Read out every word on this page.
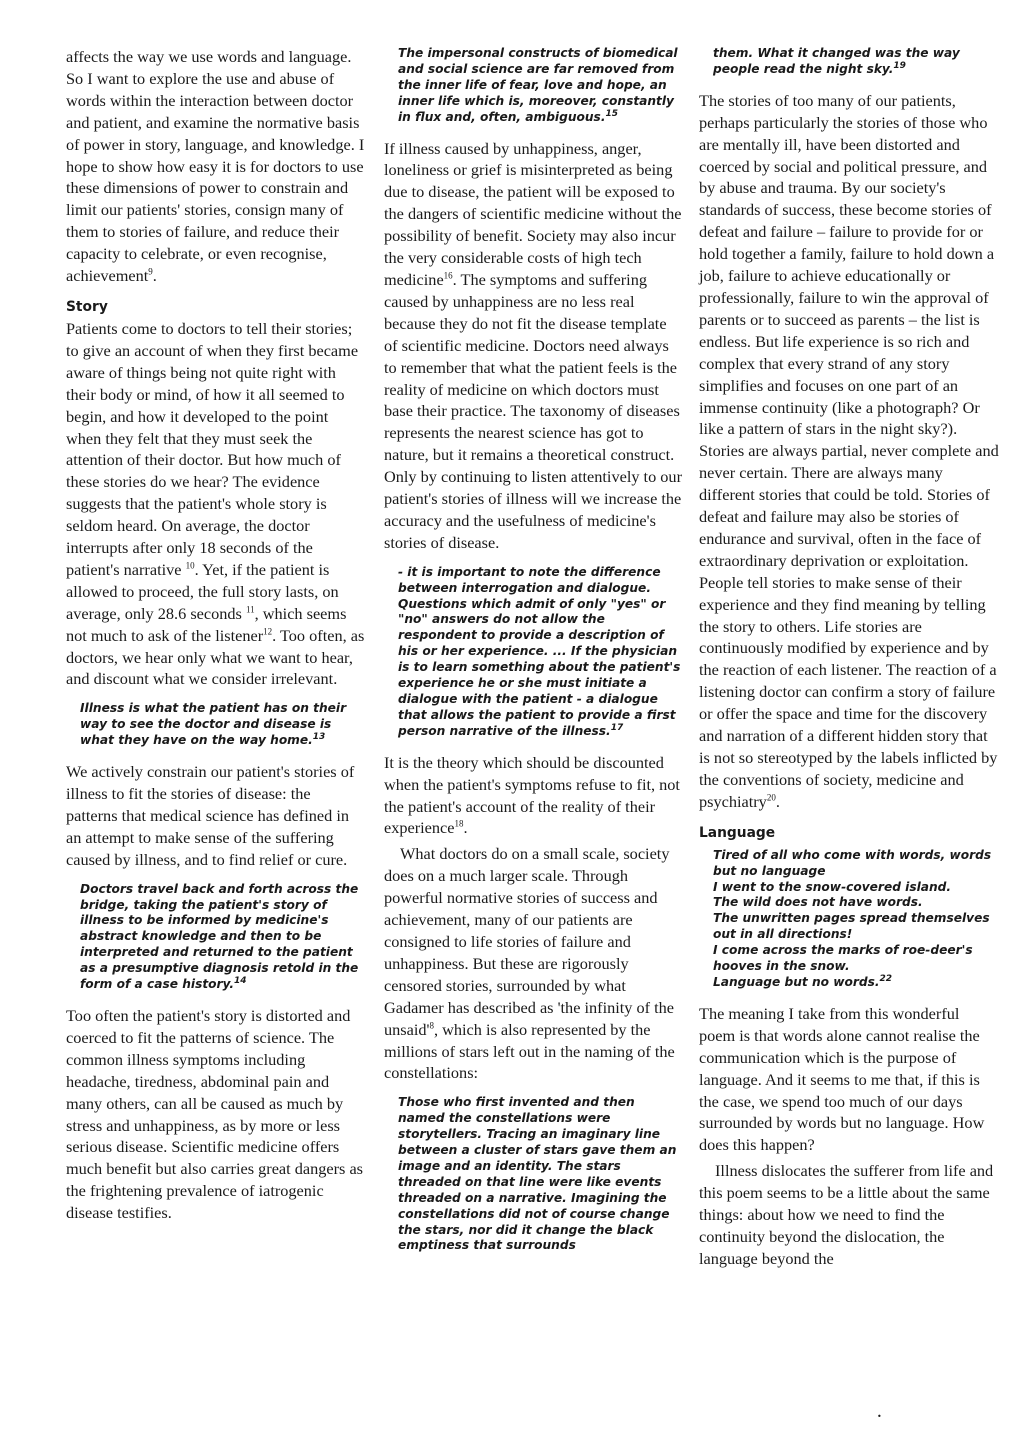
affects the way we use words and language. So I want to explore the use and abuse of words within the interaction between doctor and patient, and examine the normative basis of power in story, language, and knowledge. I hope to show how easy it is for doctors to use these dimensions of power to constrain and limit our patients' stories, consign many of them to stories of failure, and reduce their capacity to celebrate, or even recognise, achievement$^9$.

Story

Patients come to doctors to tell their stories; to give an account of when they first became aware of things being not quite right with their body or mind, of how it all seemed to begin, and how it developed to the point when they felt that they must seek the attention of their doctor. But how much of these stories do we hear? The evidence suggests that the patient's whole story is seldom heard. On average, the doctor interrupts after only 18 seconds of the patient's narrative $^{10}$. Yet, if the patient is allowed to proceed, the full story lasts, on average, only 28.6 seconds $^{11}$, which seems not much to ask of the listener$^{12}$. Too often, as doctors, we hear only what we want to hear, and discount what we consider irrelevant.

Illness is what the patient has on their way to see the doctor and disease is what they have on the way home.$^{13}$

We actively constrain our patient's stories of illness to fit the stories of disease: the patterns that medical science has defined in an attempt to make sense of the suffering caused by illness, and to find relief or cure.

Doctors travel back and forth across the bridge, taking the patient's story of illness to be informed by medicine's abstract knowledge and then to be interpreted and returned to the patient as a presumptive diagnosis retold in the form of a case history.$^{14}$

Too often the patient's story is distorted and coerced to fit the patterns of science. The common illness symptoms including headache, tiredness, abdominal pain and many others, can all be caused as much by stress and unhappiness, as by more or less serious disease. Scientific medicine offers much benefit but also carries great dangers as the frightening prevalence of iatrogenic disease testifies.

The impersonal constructs of biomedical and social science are far removed from the inner life of fear, love and hope, an inner life which is, moreover, constantly in flux and, often, ambiguous.$^{15}$

If illness caused by unhappiness, anger, loneliness or grief is misinterpreted as being due to disease, the patient will be exposed to the dangers of scientific medicine without the possibility of benefit. Society may also incur the very considerable costs of high tech medicine$^{16}$. The symptoms and suffering caused by unhappiness are no less real because they do not fit the disease template of scientific medicine. Doctors need always to remember that what the patient feels is the reality of medicine on which doctors must base their practice. The taxonomy of diseases represents the nearest science has got to nature, but it remains a theoretical construct. Only by continuing to listen attentively to our patient's stories of illness will we increase the accuracy and the usefulness of medicine's stories of disease.

- it is important to note the difference between interrogation and dialogue. Questions which admit of only "yes" or "no" answers do not allow the respondent to provide a description of his or her experience. ... If the physician is to learn something about the patient's experience he or she must initiate a dialogue with the patient - a dialogue that allows the patient to provide a first person narrative of the illness.$^{17}$

It is the theory which should be discounted when the patient's symptoms refuse to fit, not the patient's account of the reality of their experience$^{18}$.

What doctors do on a small scale, society does on a much larger scale. Through powerful normative stories of success and achievement, many of our patients are consigned to life stories of failure and unhappiness. But these are rigorously censored stories, surrounded by what Gadamer has described as 'the infinity of the $unsaid'^8$, which is also represented by the millions of stars left out in the naming of the constellations:

Those who first invented and then named the constellations were storytellers. Tracing an imaginary line between a cluster of stars gave them an image and an identity. The stars threaded on that line were like events threaded on a narrative. Imagining the constellations did not of course change the stars, nor did it change the black emptiness that surrounds
them. What it changed was the way people read the night sky.$^{19}$

The stories of too many of our patients, perhaps particularly the stories of those who are mentally ill, have been distorted and coerced by social and political pressure, and by abuse and trauma. By our society's standards of success, these become stories of defeat and failure – failure to provide for or hold together a family, failure to hold down a job, failure to achieve educationally or professionally, failure to win the approval of parents or to succeed as parents – the list is endless. But life experience is so rich and complex that every strand of any story simplifies and focuses on one part of an immense continuity (like a photograph? Or like a pattern of stars in the night sky?). Stories are always partial, never complete and never certain. There are always many different stories that could be told. Stories of defeat and failure may also be stories of endurance and survival, often in the face of extraordinary deprivation or exploitation. People tell stories to make sense of their experience and they find meaning by telling the story to others. Life stories are continuously modified by experience and by the reaction of each listener. The reaction of a listening doctor can confirm a story of failure or offer the space and time for the discovery and narration of a different hidden story that is not so stereotyped by the labels inflicted by the conventions of society, medicine and psychiatry$^{20}$.

Language
Tired of all who come with words, words but no language
I went to the snow-covered island.
The wild does not have words.
The unwritten pages spread themselves out in all directions!
I come across the marks of roe-deer's hooves in the snow.
Language but no words.$^{22}$

The meaning I take from this wonderful poem is that words alone cannot realise the communication which is the purpose of language. And it seems to me that, if this is the case, we spend too much of our days surrounded by words but no language. How does this happen?

Illness dislocates the sufferer from life and this poem seems to be a little about the same things: about how we need to find the continuity beyond the dislocation, the language beyond the

•
